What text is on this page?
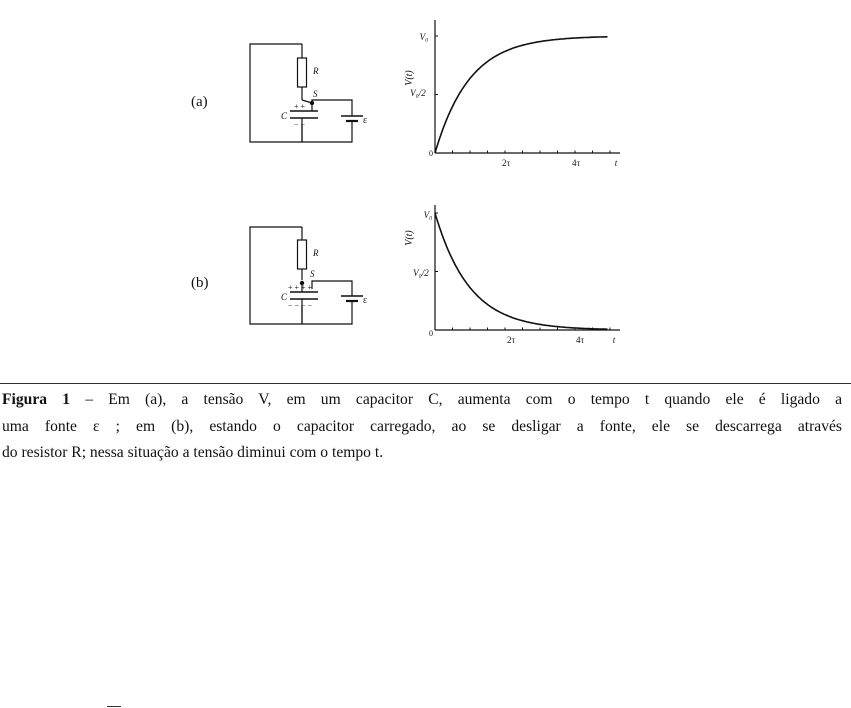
(a)
R
S
C	ε
+ +
− −
V(t)
V₀
V₀/2
0
2τ	4τ	t
(b)
R
S
C	ε
+ + + +
− − − −
V(t)
V₀
V₀/2
0
2τ	4τ	t
Figura 1 – Em (a), a tensão V, em um capacitor C, aumenta com o tempo t quando ele é ligado a
uma fonte ε ; em (b), estando o capacitor carregado, ao se desligar a fonte, ele se descarrega através
do resistor R; nessa situação a tensão diminui com o tempo t.
